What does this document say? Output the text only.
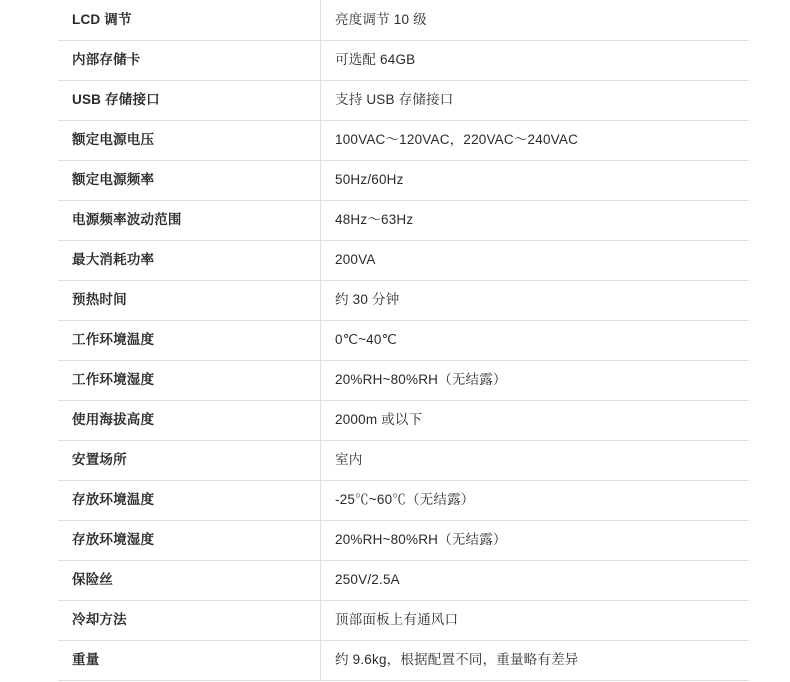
LCD 调节	亮度调节 10 级
内部存储卡	可选配 64GB
USB 存储接口	支持 USB 存储接口
额定电源电压	100VAC～120VAC，220VAC～240VAC
额定电源频率	50Hz/60Hz
电源频率波动范围	48Hz～63Hz
最大消耗功率	200VA
预热时间	约 30 分钟
工作环境温度	0℃~40℃
工作环境湿度	20%RH~80%RH（无结露）
使用海拔高度	2000m 或以下
安置场所	室内
存放环境温度	-25℃~60℃（无结露）
存放环境湿度	20%RH~80%RH（无结露）
保险丝	250V/2.5A
冷却方法	顶部面板上有通风口
重量	约 9.6kg，根据配置不同，重量略有差异
